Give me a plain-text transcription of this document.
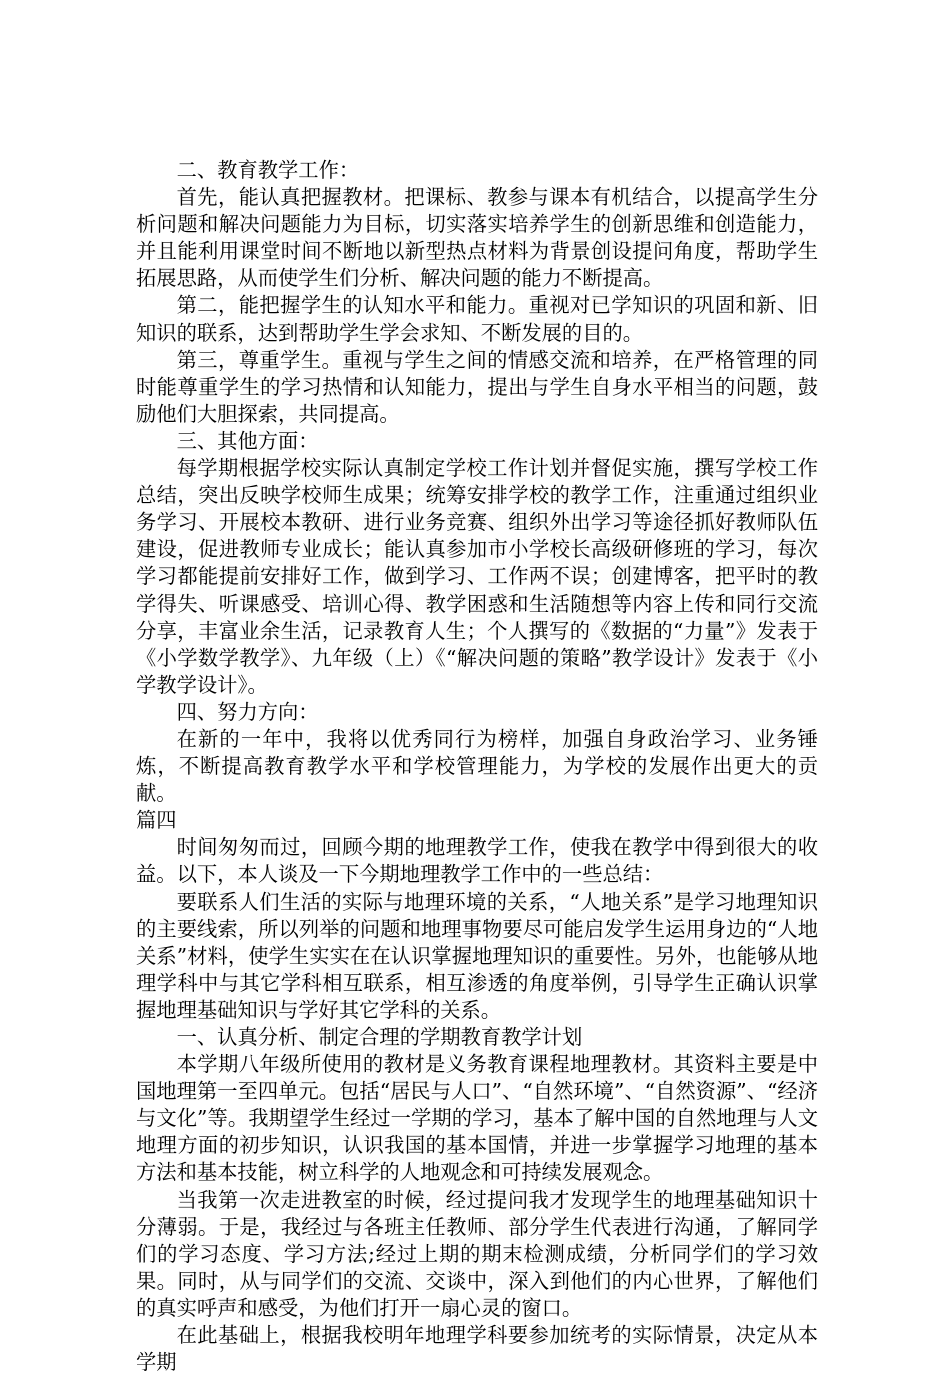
二、教育教学工作：

首先，能认真把握教材。把课标、教参与课本有机结合，以提高学生分析问题和解决问题能力为目标，切实落实培养学生的创新思维和创造能力，并且能利用课堂时间不断地以新型热点材料为背景创设提问角度，帮助学生拓展思路，从而使学生们分析、解决问题的能力不断提高。

第二，能把握学生的认知水平和能力。重视对已学知识的巩固和新、旧知识的联系，达到帮助学生学会求知、不断发展的目的。

第三，尊重学生。重视与学生之间的情感交流和培养，在严格管理的同时能尊重学生的学习热情和认知能力，提出与学生自身水平相当的问题，鼓励他们大胆探索，共同提高。

三、其他方面：

每学期根据学校实际认真制定学校工作计划并督促实施，撰写学校工作总结，突出反映学校师生成果；统筹安排学校的教学工作，注重通过组织业务学习、开展校本教研、进行业务竞赛、组织外出学习等途径抓好教师队伍建设，促进教师专业成长；能认真参加市小学校长高级研修班的学习，每次学习都能提前安排好工作，做到学习、工作两不误；创建博客，把平时的教学得失、听课感受、培训心得、教学困惑和生活随想等内容上传和同行交流分享，丰富业余生活，记录教育人生；个人撰写的《数据的“力量”》发表于《小学数学教学》、九年级（上）《“解决问题的策略”教学设计》发表于《小学教学设计》。

四、努力方向：

在新的一年中，我将以优秀同行为榜样，加强自身政治学习、业务锤炼，不断提高教育教学水平和学校管理能力，为学校的发展作出更大的贡献。

篇四

时间匆匆而过，回顾今期的地理教学工作，使我在教学中得到很大的收益。以下，本人谈及一下今期地理教学工作中的一些总结：

要联系人们生活的实际与地理环境的关系，“人地关系”是学习地理知识的主要线索，所以列举的问题和地理事物要尽可能启发学生运用身边的“人地关系”材料，使学生实实在在认识掌握地理知识的重要性。另外，也能够从地理学科中与其它学科相互联系，相互渗透的角度举例，引导学生正确认识掌握地理基础知识与学好其它学科的关系。

一、认真分析、制定合理的学期教育教学计划

本学期八年级所使用的教材是义务教育课程地理教材。其资料主要是中国地理第一至四单元。包括“居民与人口”、“自然环境”、“自然资源”、“经济与文化”等。我期望学生经过一学期的学习，基本了解中国的自然地理与人文地理方面的初步知识，认识我国的基本国情，并进一步掌握学习地理的基本方法和基本技能，树立科学的人地观念和可持续发展观念。

当我第一次走进教室的时候，经过提问我才发现学生的地理基础知识十分薄弱。于是，我经过与各班主任教师、部分学生代表进行沟通，了解同学们的学习态度、学习方法;经过上期的期末检测成绩，分析同学们的学习效果。同时，从与同学们的交流、交谈中，深入到他们的内心世界，了解他们的真实呼声和感受，为他们打开一扇心灵的窗口。

在此基础上，根据我校明年地理学科要参加统考的实际情景，决定从本学期
